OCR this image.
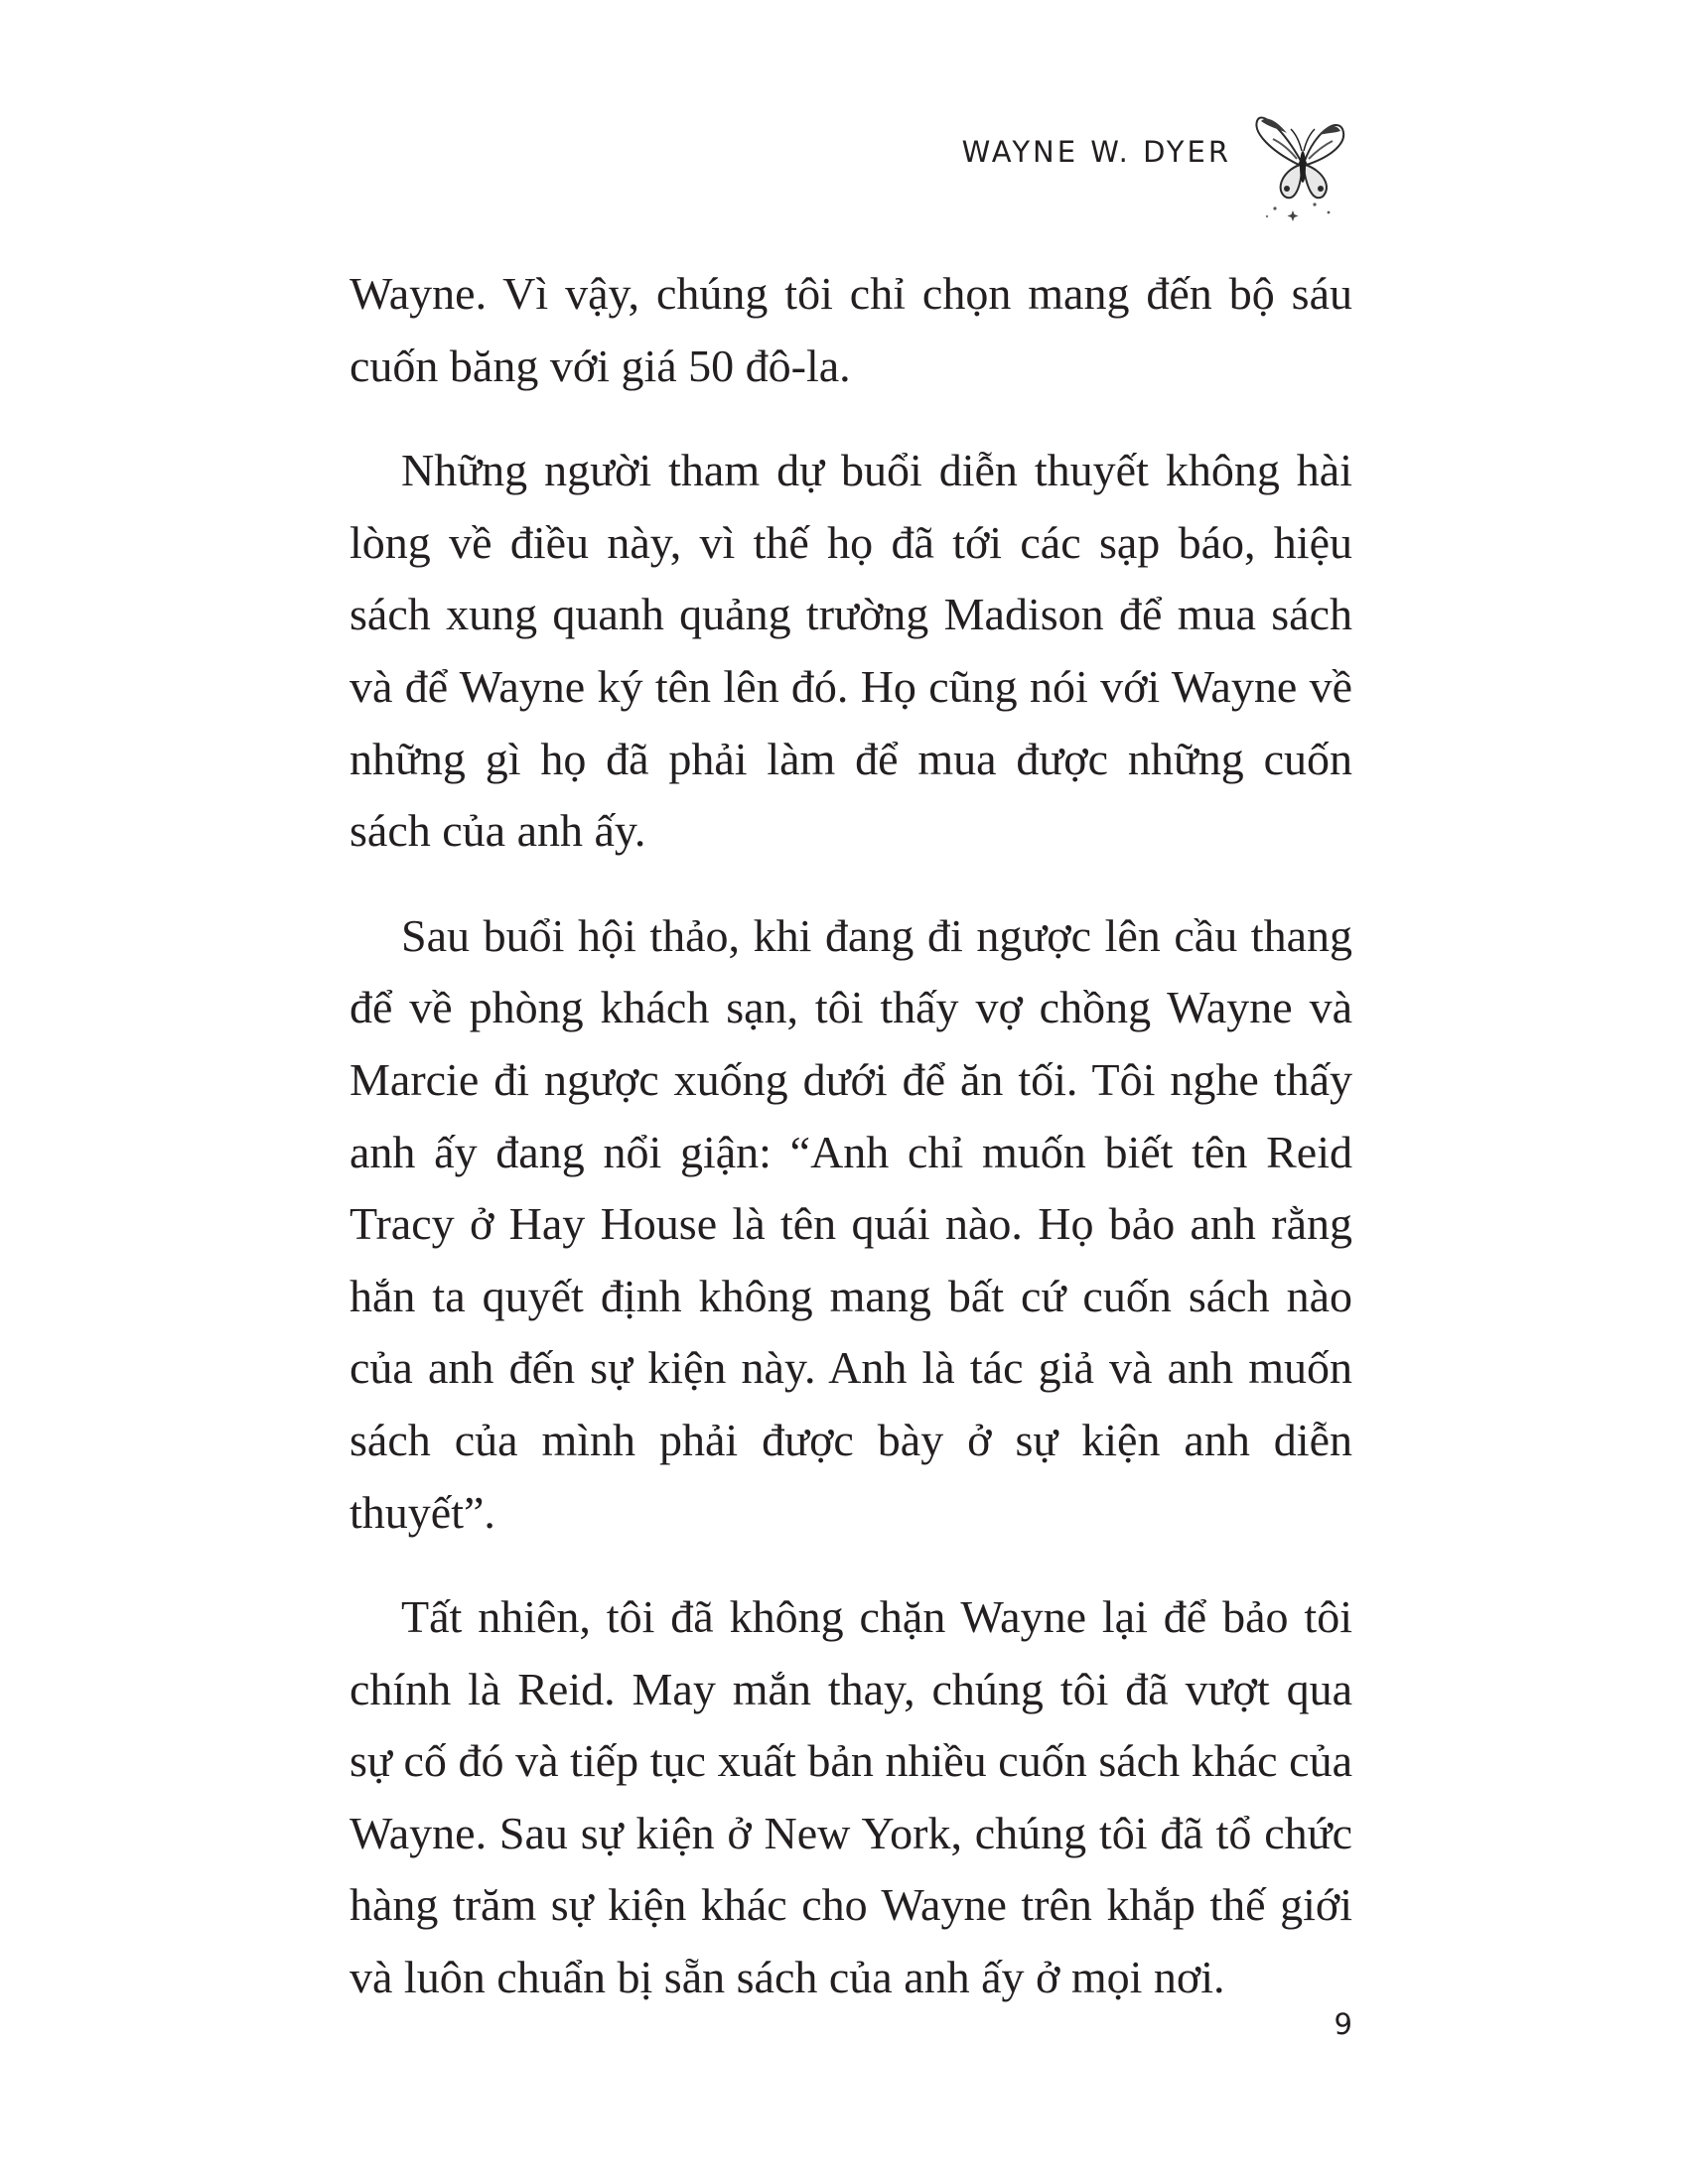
WAYNE W. DYER

Wayne. Vì vậy, chúng tôi chỉ chọn mang đến bộ sáu cuốn băng với giá 50 đô-la.

Những người tham dự buổi diễn thuyết không hài lòng về điều này, vì thế họ đã tới các sạp báo, hiệu sách xung quanh quảng trường Madison để mua sách và để Wayne ký tên lên đó. Họ cũng nói với Wayne về những gì họ đã phải làm để mua được những cuốn sách của anh ấy.

Sau buổi hội thảo, khi đang đi ngược lên cầu thang để về phòng khách sạn, tôi thấy vợ chồng Wayne và Marcie đi ngược xuống dưới để ăn tối. Tôi nghe thấy anh ấy đang nổi giận: “Anh chỉ muốn biết tên Reid Tracy ở Hay House là tên quái nào. Họ bảo anh rằng hắn ta quyết định không mang bất cứ cuốn sách nào của anh đến sự kiện này. Anh là tác giả và anh muốn sách của mình phải được bày ở sự kiện anh diễn thuyết”.

Tất nhiên, tôi đã không chặn Wayne lại để bảo tôi chính là Reid. May mắn thay, chúng tôi đã vượt qua sự cố đó và tiếp tục xuất bản nhiều cuốn sách khác của Wayne. Sau sự kiện ở New York, chúng tôi đã tổ chức hàng trăm sự kiện khác cho Wayne trên khắp thế giới và luôn chuẩn bị sẵn sách của anh ấy ở mọi nơi.

9
